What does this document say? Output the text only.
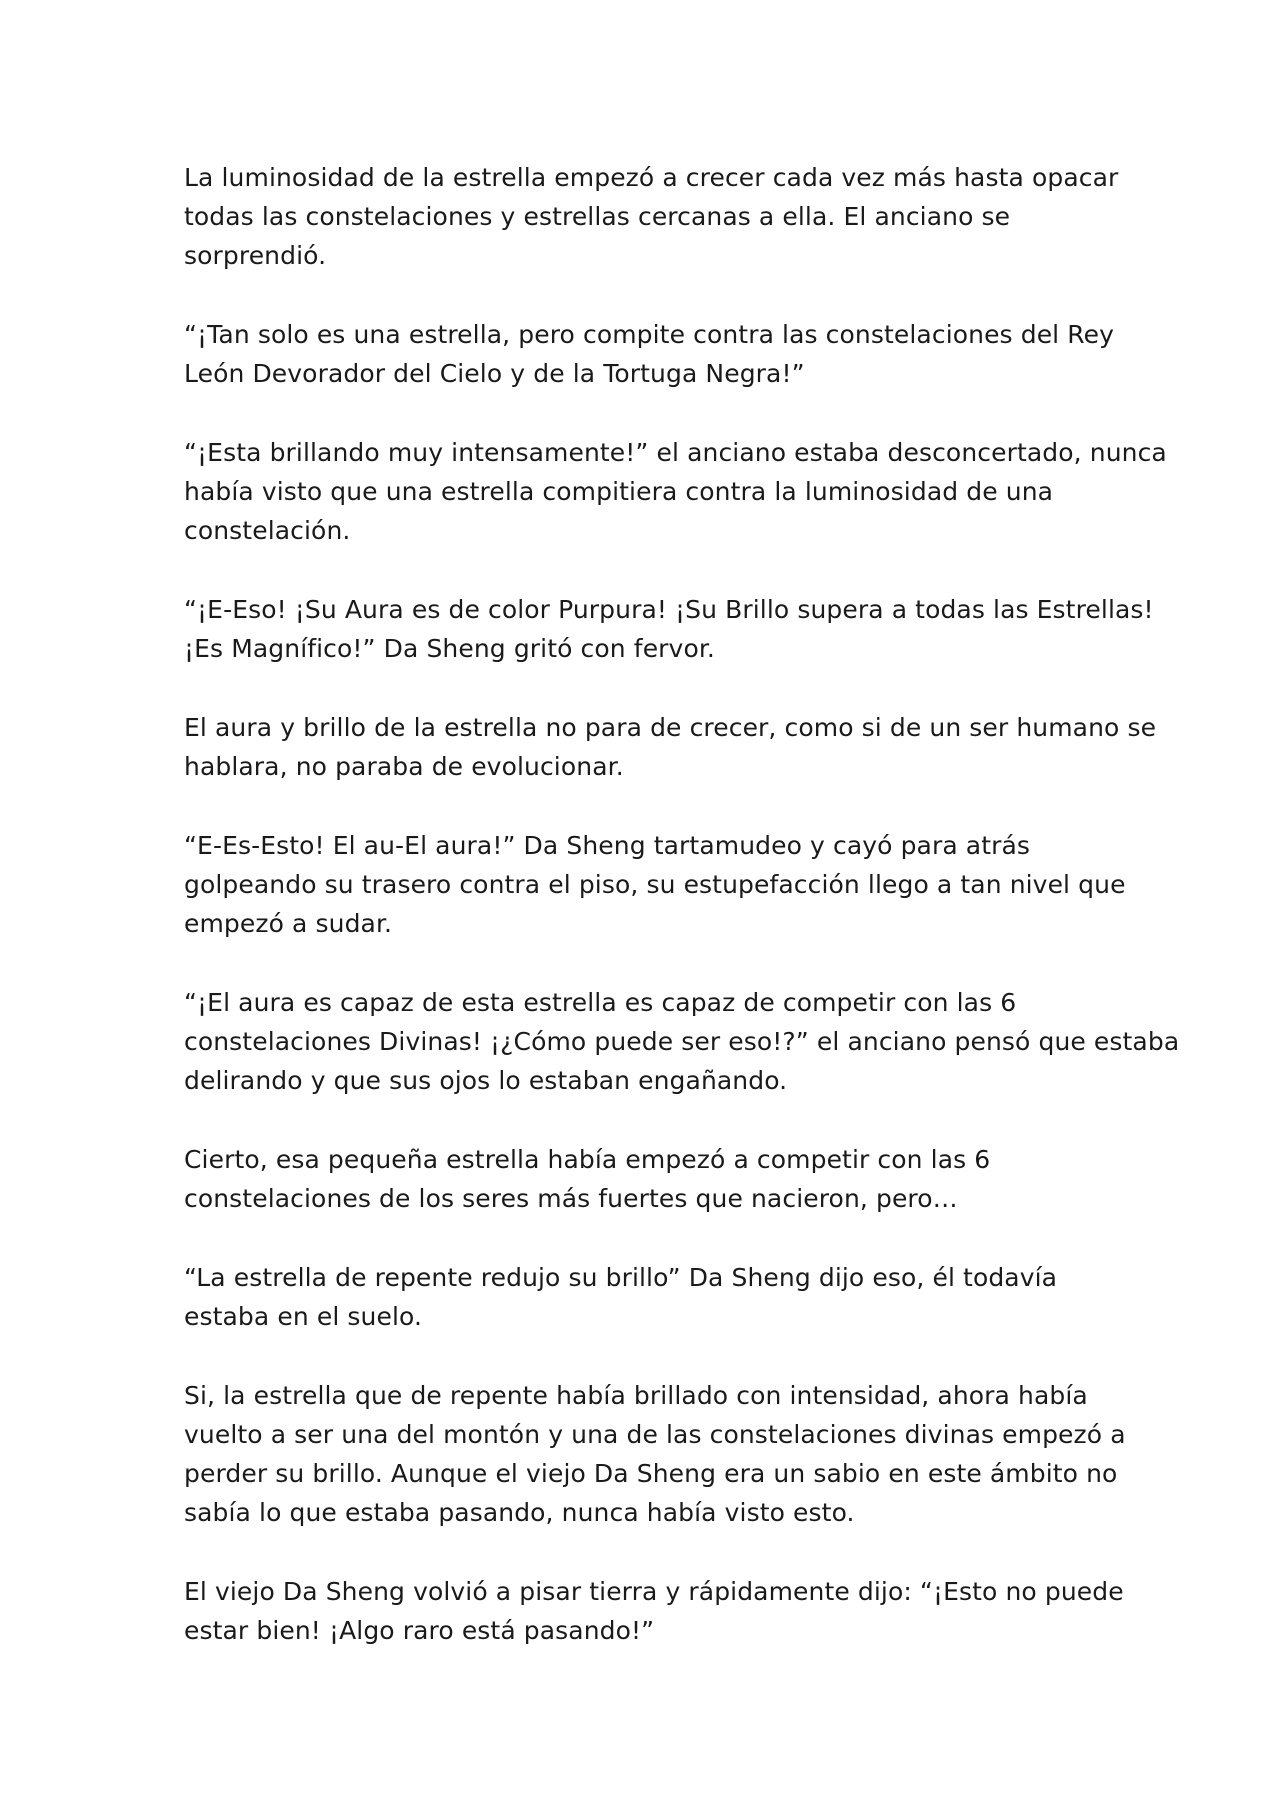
La luminosidad de la estrella empezó a crecer cada vez más hasta opacar
todas las constelaciones y estrellas cercanas a ella. El anciano se
sorprendió.

“¡Tan solo es una estrella, pero compite contra las constelaciones del Rey
León Devorador del Cielo y de la Tortuga Negra!”

“¡Esta brillando muy intensamente!” el anciano estaba desconcertado, nunca
había visto que una estrella compitiera contra la luminosidad de una
constelación.

“¡E-Eso! ¡Su Aura es de color Purpura! ¡Su Brillo supera a todas las Estrellas!
¡Es Magnífico!” Da Sheng gritó con fervor.

El aura y brillo de la estrella no para de crecer, como si de un ser humano se
hablara, no paraba de evolucionar.

“E-Es-Esto! El au-El aura!” Da Sheng tartamudeo y cayó para atrás
golpeando su trasero contra el piso, su estupefacción llego a tan nivel que
empezó a sudar.

“¡El aura es capaz de esta estrella es capaz de competir con las 6
constelaciones Divinas! ¡¿Cómo puede ser eso!?” el anciano pensó que estaba
delirando y que sus ojos lo estaban engañando.

Cierto, esa pequeña estrella había empezó a competir con las 6
constelaciones de los seres más fuertes que nacieron, pero…

“La estrella de repente redujo su brillo” Da Sheng dijo eso, él todavía
estaba en el suelo.

Si, la estrella que de repente había brillado con intensidad, ahora había
vuelto a ser una del montón y una de las constelaciones divinas empezó a
perder su brillo. Aunque el viejo Da Sheng era un sabio en este ámbito no
sabía lo que estaba pasando, nunca había visto esto.

El viejo Da Sheng volvió a pisar tierra y rápidamente dijo: “¡Esto no puede
estar bien! ¡Algo raro está pasando!”
